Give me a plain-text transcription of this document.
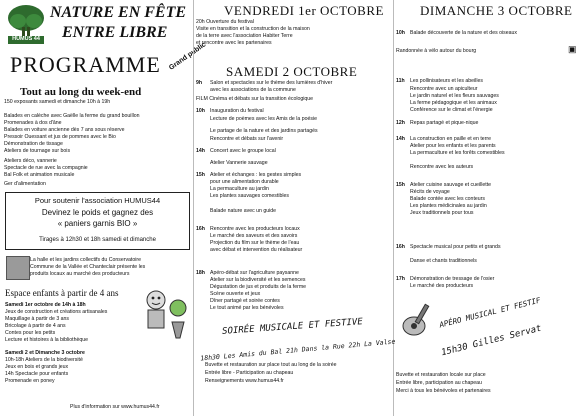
HUMUS 44
NATURE EN FÊTE
ENTRE LIBRE
PROGRAMME Grand public
Tout au long du week-end
150 exposants samedi et dimanche 10h à 19h
Balades en calèche avec Gaëlle la ferme du grand bouillon
Promenades à dos d'âne
Balades en voiture ancienne dès 7 ans sous réserve
Pressoir Ouessant et jus de pommes avec le Bio
Démonstration de tissage
Ateliers de tournage sur bois
Ateliers déco, vannerie
Spectacle de rue avec la compagnie
Bal Folk et animation musicale
Ger d'alimentation
Pour soutenir l'association HUMUS44
Devinez le poids et gagnez des
« paniers garnis BIO »
Tirages à 12h30 et 18h samedi et dimanche
La halle et les jardins collectifs du Conservatoire
Commune de la Vallée et Chanteclair présente les
produits locaux au marché des producteurs
Espace enfants à partir de 4 ans
Samedi 1er octobre de 14h à 18h
Jeux de construction et créations artisanales
Maquillage à partir de 3 ans
Bricolage à partir de 4 ans
Contes pour les petits
Lecture et histoires à la bibliothèque
Samedi 2 et Dimanche 3 octobre
10h-18h Ateliers de la biodiversité
Jeux en bois et grands jeux
14h Spectacle pour enfants
Promenade en poney
Plus d'information sur www.humus44.fr
VENDREDI 1er OCTOBRE
20h Ouverture du festival
Visite en transition et la construction de la maison
de la terre avec l'association Habiter Terre
et rencontre avec les partenaires
SAMEDI 2 OCTOBRE
9h Salon et spectacles sur le thème des lumières d'hiver
avec les associations de la commune
FILM Cinéma et débats sur la transition écologique
10h Inauguration du festival
Lecture de poèmes avec les Amis de la poésie
Le partage de la nature et des jardins partagés
Rencontre et débats sur l'avenir
14h Concert avec le groupe local
Atelier Vannerie sauvage
15h Atelier et échanges : les gestes simples
pour une alimentation durable
La permaculture au jardin
Les plantes sauvages comestibles
Balade nature avec un guide
16h Rencontre avec les producteurs locaux
Le marché des saveurs et des savoirs
Projection du film sur le thème de l'eau
avec débat et intervention du réalisateur
18h Apéro-débat sur l'agriculture paysanne
Atelier sur la biodiversité et les semences
Dégustation de jus et produits de la ferme
Scène ouverte et jeux
Dîner partagé et soirée contes
Le tout animé par les bénévoles
SOIRÉE MUSICALE ET FESTIVE
18h30 Les Amis du Bal 21h Dans la Rue 22h La Valse
Buvette et restauration sur place tout au long de la soirée
Entrée libre - Participation au chapeau
Renseignements www.humus44.fr
DIMANCHE 3 OCTOBRE
10h Balade découverte de la nature et des oiseaux
Randonnée à vélo autour du bourg	▣
11h Les pollinisateurs et les abeilles
Rencontre avec un apiculteur
Le jardin naturel et les fleurs sauvages
La ferme pédagogique et les animaux
Conférence sur le climat et l'énergie
12h Repas partagé et pique-nique
14h La construction en paille et en terre
Atelier pour les enfants et les parents
La permaculture et les forêts comestibles
Rencontre avec les auteurs
15h Atelier cuisine sauvage et cueillette
Récits de voyage
Balade contée avec les conteurs
Les plantes médicinales au jardin
Jeux traditionnels pour tous
16h Spectacle musical pour petits et grands
Danse et chants traditionnels
17h Démonstration de tressage de l'osier
Le marché des producteurs
APÉRO MUSICAL ET FESTIF
15h30 Gilles Servat
Buvette et restauration locale sur place
Entrée libre, participation au chapeau
Merci à tous les bénévoles et partenaires
